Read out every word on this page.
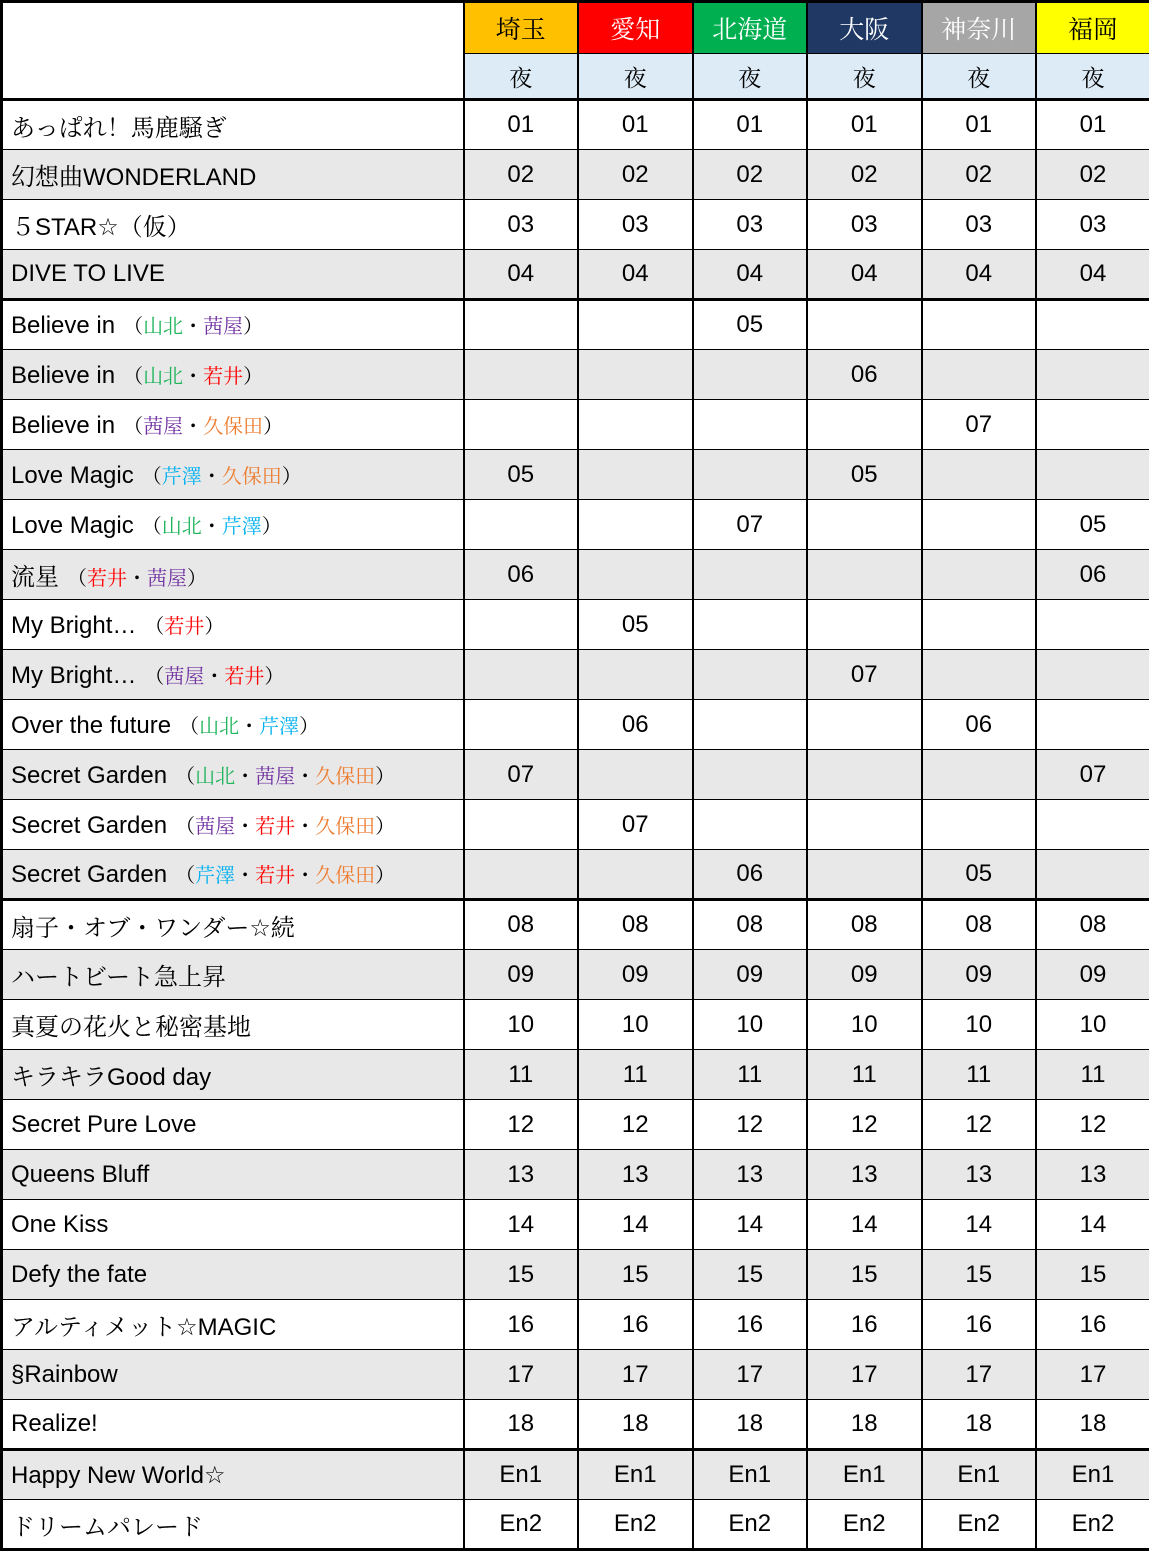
	埼玉	愛知	北海道	大阪	神奈川	福岡
	夜	夜	夜	夜	夜	夜
あっぱれ！馬鹿騒ぎ	01	01	01	01	01	01
幻想曲WONDERLAND	02	02	02	02	02	02
５STAR☆（仮）	03	03	03	03	03	03
DIVE TO LIVE	04	04	04	04	04	04
Believe in （山北・茜屋）			05			
Believe in （山北・若井）				06		
Believe in （茜屋・久保田）					07	
Love Magic （芹澤・久保田）	05			05		
Love Magic （山北・芹澤）			07			05
流星 （若井・茜屋）	06					06
My Bright… （若井）		05				
My Bright… （茜屋・若井）				07		
Over the future （山北・芹澤）		06			06	
Secret Garden （山北・茜屋・久保田）	07					07
Secret Garden （茜屋・若井・久保田）		07				
Secret Garden （芹澤・若井・久保田）			06		05	
扇子・オブ・ワンダー☆続	08	08	08	08	08	08
ハートビート急上昇	09	09	09	09	09	09
真夏の花火と秘密基地	10	10	10	10	10	10
キラキラGood day	11	11	11	11	11	11
Secret Pure Love	12	12	12	12	12	12
Queens Bluff	13	13	13	13	13	13
One Kiss	14	14	14	14	14	14
Defy the fate	15	15	15	15	15	15
アルティメット☆MAGIC	16	16	16	16	16	16
§Rainbow	17	17	17	17	17	17
Realize!	18	18	18	18	18	18
Happy New World☆	En1	En1	En1	En1	En1	En1
ドリームパレード	En2	En2	En2	En2	En2	En2
